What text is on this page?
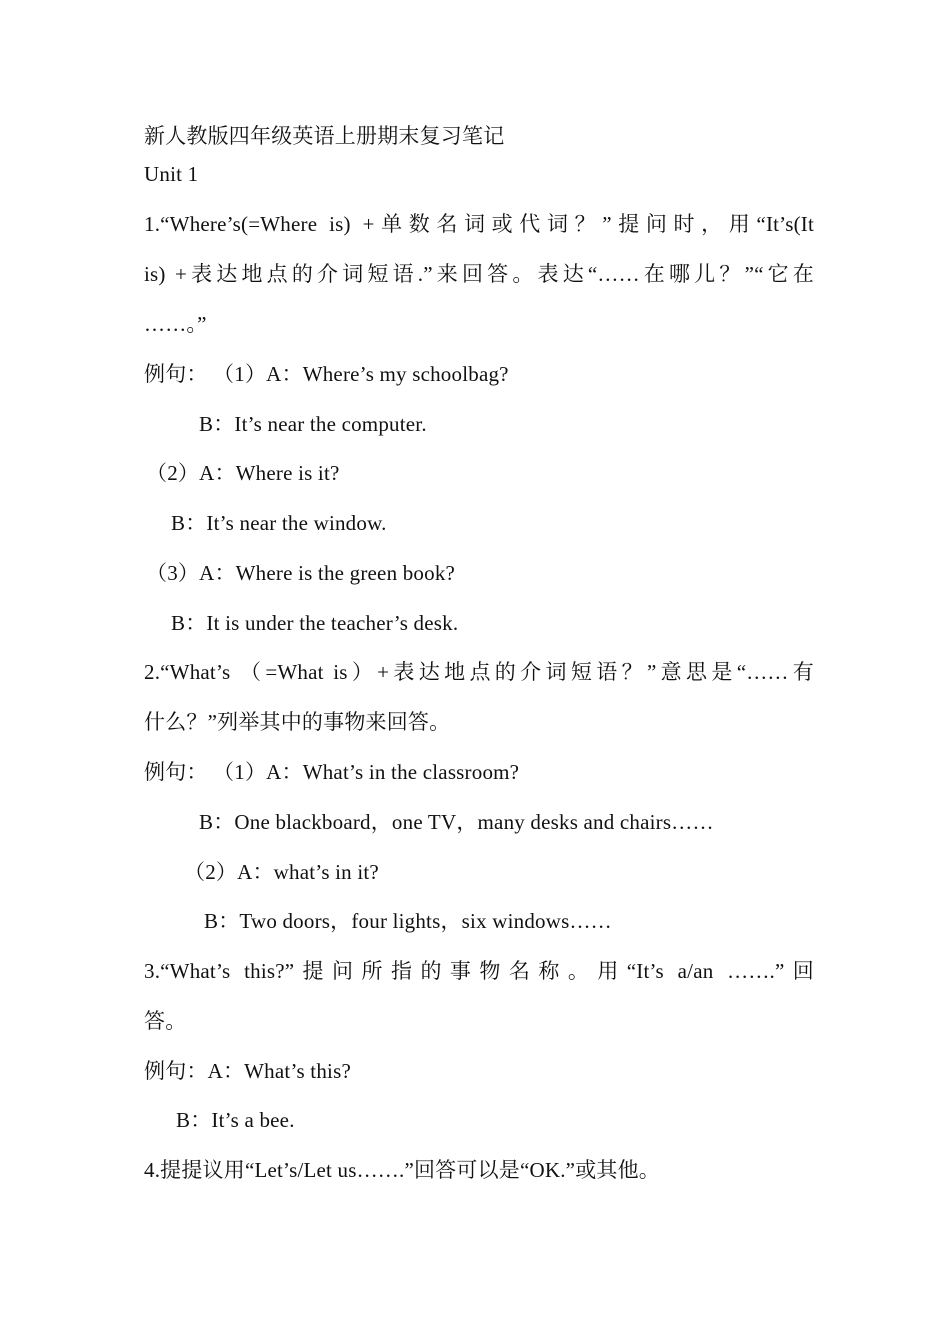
新人教版四年级英语上册期末复习笔记
Unit 1
1.“Where’s(=Where is) +单数名词或代词？”提问时，用“It’s(It
is) +表达地点的介词短语.”来回答。表达“……在哪儿？”“它在
……。”
例句： （1）A：Where’s my schoolbag?
B：It’s near the computer.
（2）A：Where is it?
B：It’s near the window.
（3）A：Where is the green book?
B：It is under the teacher’s desk.
2.“What’s （=What is）+表达地点的介词短语？”意思是“……有
什么？”列举其中的事物来回答。
例句： （1）A：What’s in the classroom?
B：One blackboard，one TV，many desks and chairs……
（2）A：what’s in it?
B：Two doors，four lights，six windows……
3.“What’s this?”提问所指的事物名称。用“It’s a/an …….”回
答。
例句：A：What’s this?
B：It’s a bee.
4.提提议用“Let’s/Let us…….”回答可以是“OK.”或其他。
